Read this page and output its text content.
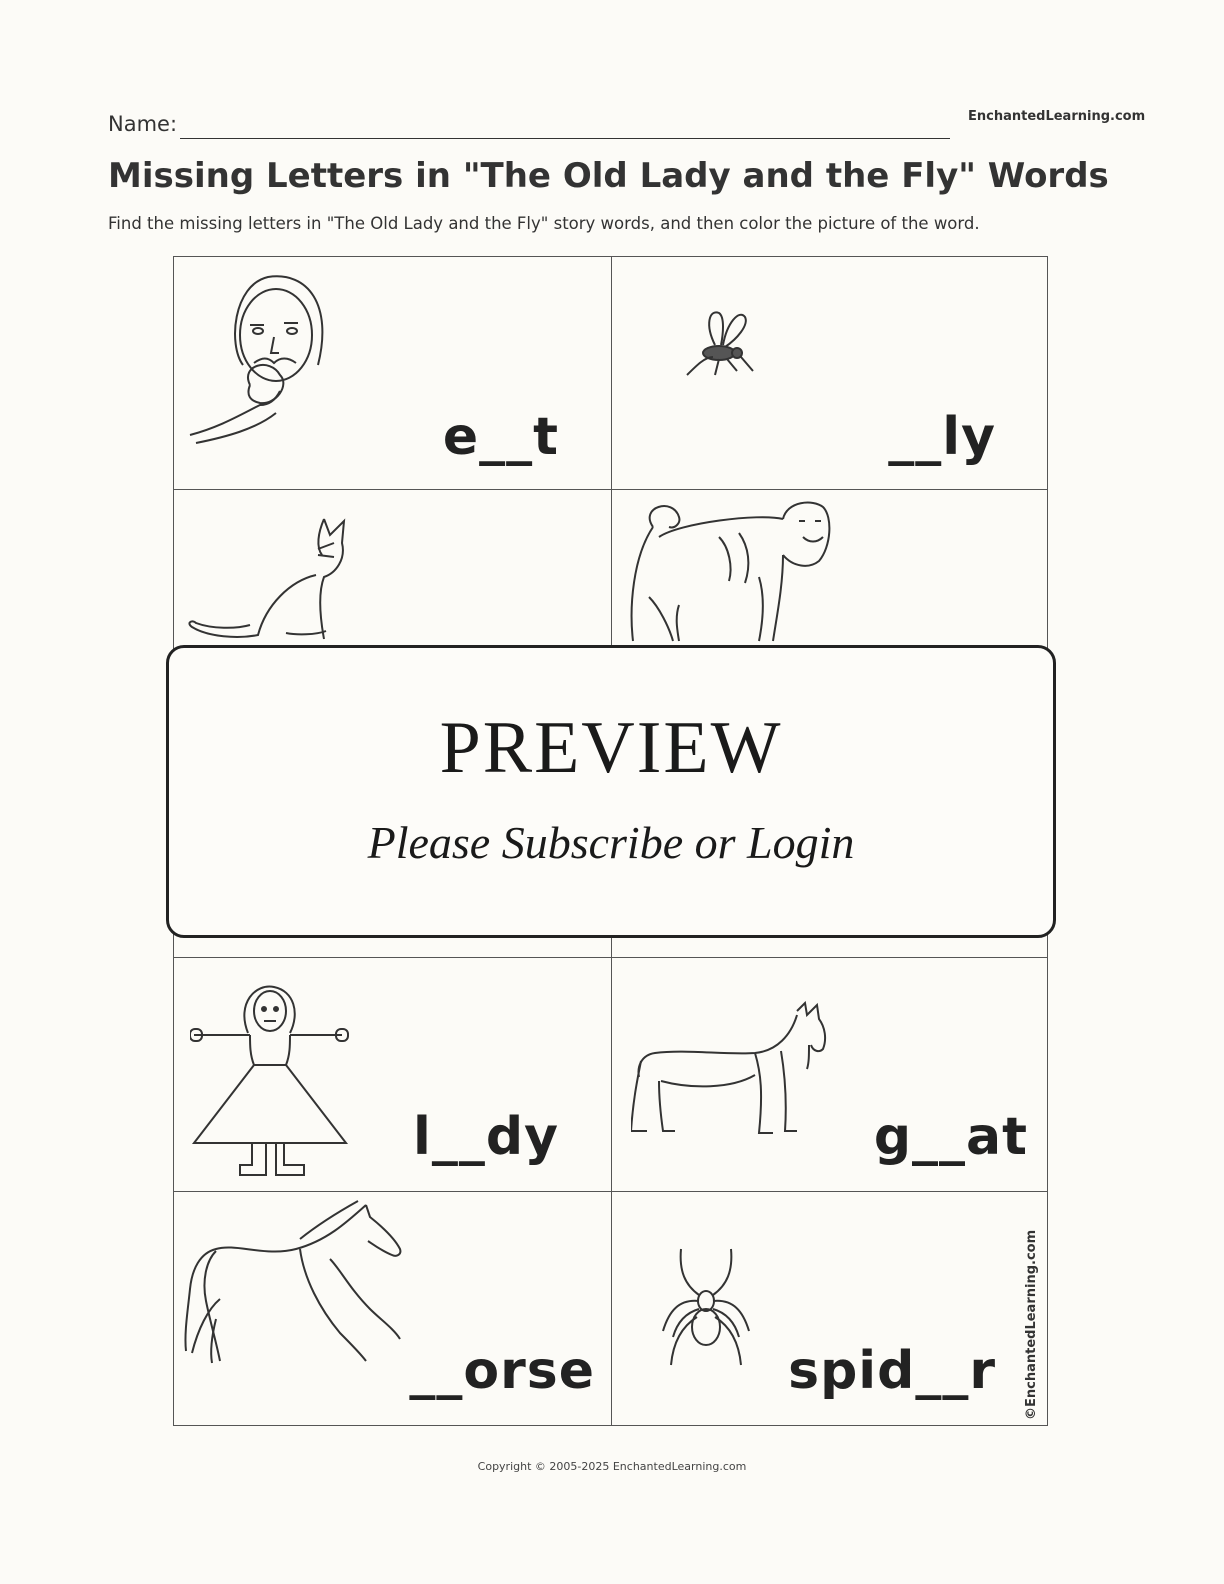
Name:	EnchantedLearning.com
Missing Letters in "The Old Lady and the Fly" Words
Find the missing letters in "The Old Lady and the Fly" story words, and then color the picture of the word.
e__t	__ly
l__dy	g__at
__orse	spid__r
PREVIEW
Please Subscribe or Login
©EnchantedLearning.com
Copyright © 2005-2025 EnchantedLearning.com
